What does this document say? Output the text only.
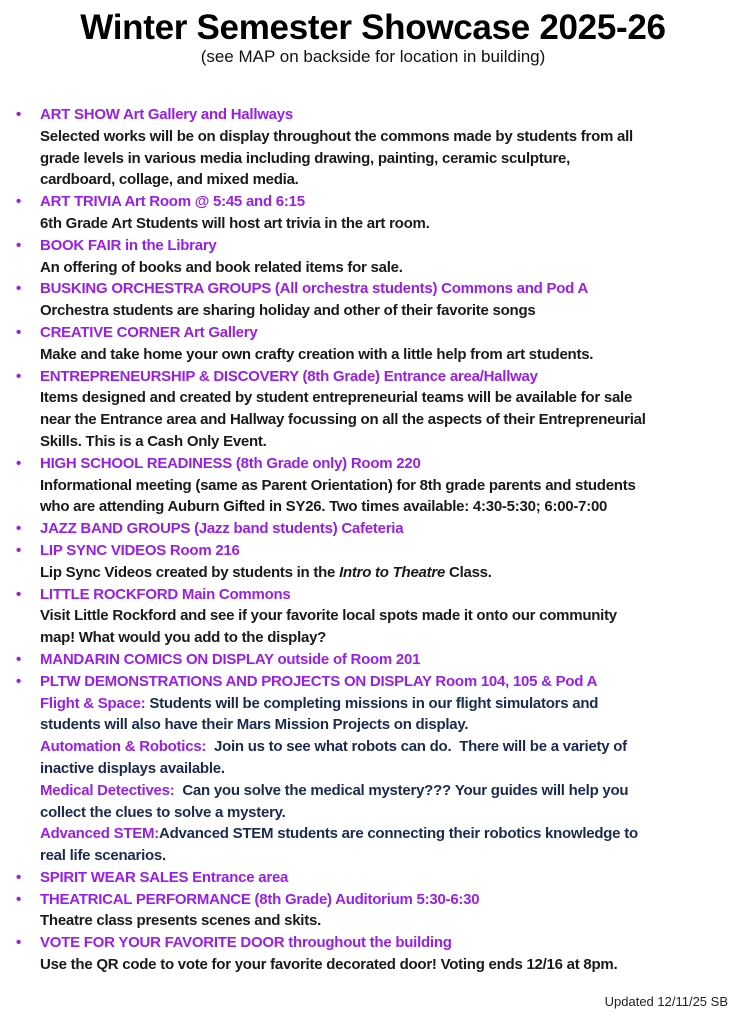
Winter Semester Showcase 2025-26
(see MAP on backside for location in building)
• ART SHOW Art Gallery and Hallways
Selected works will be on display throughout the commons made by students from all
grade levels in various media including drawing, painting, ceramic sculpture,
cardboard, collage, and mixed media.
• ART TRIVIA Art Room @ 5:45 and 6:15
6th Grade Art Students will host art trivia in the art room.
• BOOK FAIR in the Library
An offering of books and book related items for sale.
• BUSKING ORCHESTRA GROUPS (All orchestra students) Commons and Pod A
Orchestra students are sharing holiday and other of their favorite songs
• CREATIVE CORNER Art Gallery
Make and take home your own crafty creation with a little help from art students.
• ENTREPRENEURSHIP & DISCOVERY (8th Grade) Entrance area/Hallway
Items designed and created by student entrepreneurial teams will be available for sale
near the Entrance area and Hallway focussing on all the aspects of their Entrepreneurial
Skills. This is a Cash Only Event.
• HIGH SCHOOL READINESS (8th Grade only) Room 220
Informational meeting (same as Parent Orientation) for 8th grade parents and students
who are attending Auburn Gifted in SY26. Two times available: 4:30-5:30; 6:00-7:00
• JAZZ BAND GROUPS (Jazz band students) Cafeteria
• LIP SYNC VIDEOS Room 216
Lip Sync Videos created by students in the Intro to Theatre Class.
• LITTLE ROCKFORD Main Commons
Visit Little Rockford and see if your favorite local spots made it onto our community
map! What would you add to the display?
• MANDARIN COMICS ON DISPLAY outside of Room 201
• PLTW DEMONSTRATIONS AND PROJECTS ON DISPLAY Room 104, 105 & Pod A
Flight & Space: Students will be completing missions in our flight simulators and
students will also have their Mars Mission Projects on display.
Automation & Robotics:  Join us to see what robots can do.  There will be a variety of
inactive displays available.
Medical Detectives:  Can you solve the medical mystery??? Your guides will help you
collect the clues to solve a mystery.
Advanced STEM:Advanced STEM students are connecting their robotics knowledge to
real life scenarios.
• SPIRIT WEAR SALES Entrance area
• THEATRICAL PERFORMANCE (8th Grade) Auditorium 5:30-6:30
Theatre class presents scenes and skits.
• VOTE FOR YOUR FAVORITE DOOR throughout the building
Use the QR code to vote for your favorite decorated door! Voting ends 12/16 at 8pm.
Updated 12/11/25 SB
